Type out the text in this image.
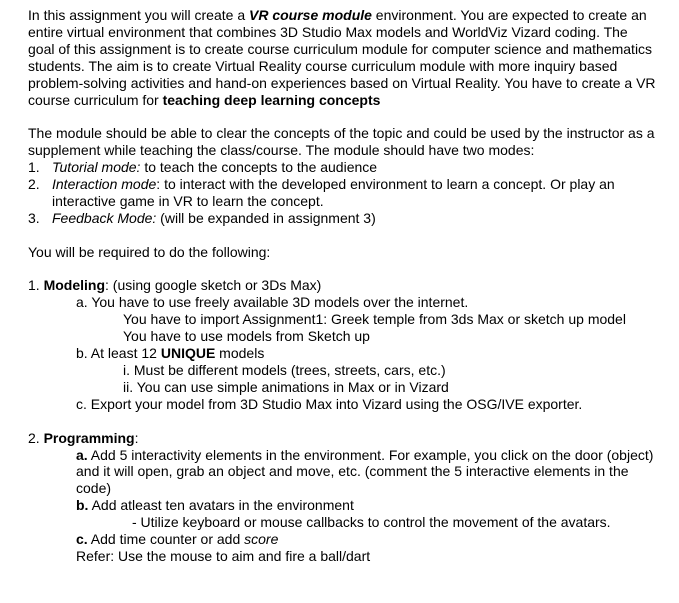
In this assignment you will create a VR course module environment. You are expected to create an entire virtual environment that combines 3D Studio Max models and WorldViz Vizard coding. The goal of this assignment is to create course curriculum module for computer science and mathematics students. The aim is to create Virtual Reality course curriculum module with more inquiry based problem-solving activities and hand-on experiences based on Virtual Reality. You have to create a VR course curriculum for teaching deep learning concepts

The module should be able to clear the concepts of the topic and could be used by the instructor as a supplement while teaching the class/course. The module should have two modes:

1. Tutorial mode: to teach the concepts to the audience
2. Interaction mode: to interact with the developed environment to learn a concept. Or play an interactive game in VR to learn the concept.
3. Feedback Mode: (will be expanded in assignment 3)

You will be required to do the following:

1. Modeling: (using google sketch or 3Ds Max)

a. You have to use freely available 3D models over the internet.

You have to import Assignment1: Greek temple from 3ds Max or sketch up model

You have to use models from Sketch up

b. At least 12 UNIQUE models

i. Must be different models (trees, streets, cars, etc.)

ii. You can use simple animations in Max or in Vizard

c. Export your model from 3D Studio Max into Vizard using the OSG/IVE exporter.

2. Programming:

a. Add 5 interactivity elements in the environment. For example, you click on the door (object) and it will open, grab an object and move, etc. (comment the 5 interactive elements in the code)

b. Add atleast ten avatars in the environment

- Utilize keyboard or mouse callbacks to control the movement of the avatars.

c. Add time counter or add score

Refer: Use the mouse to aim and fire a ball/dart
